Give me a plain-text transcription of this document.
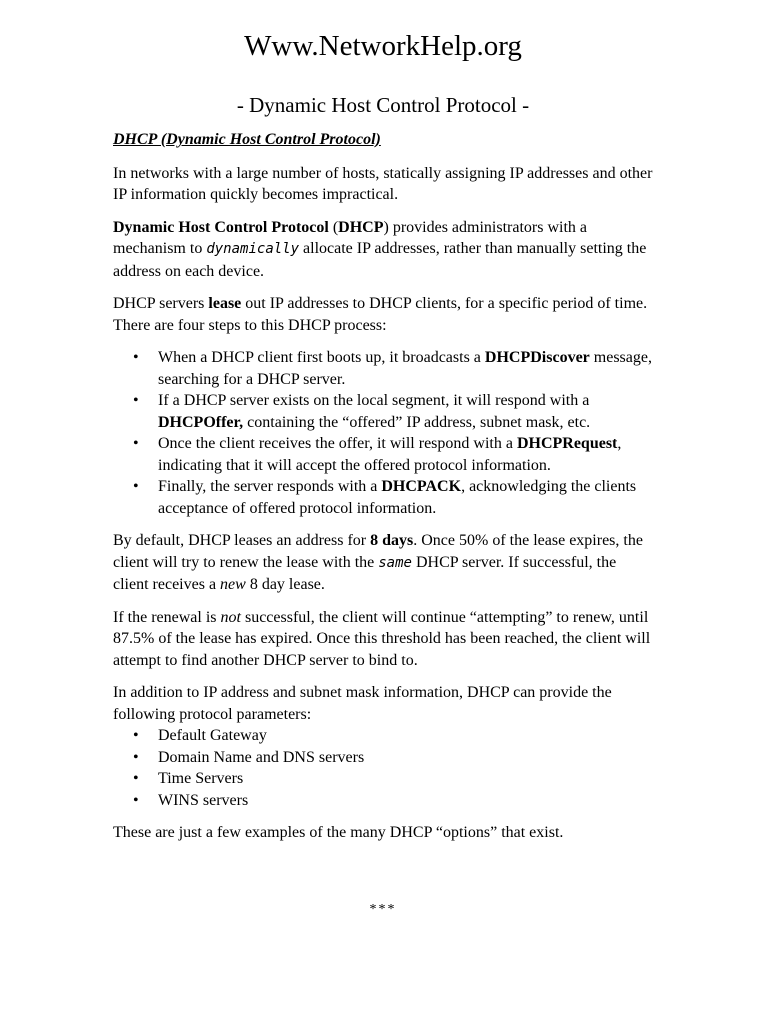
Www.NetworkHelp.org
- Dynamic Host Control Protocol -

DHCP (Dynamic Host Control Protocol)

In networks with a large number of hosts, statically assigning IP addresses and other IP information quickly becomes impractical.

Dynamic Host Control Protocol (DHCP) provides administrators with a mechanism to dynamically allocate IP addresses, rather than manually setting the address on each device.

DHCP servers lease out IP addresses to DHCP clients, for a specific period of time. There are four steps to this DHCP process:

• When a DHCP client first boots up, it broadcasts a DHCPDiscover message, searching for a DHCP server.
• If a DHCP server exists on the local segment, it will respond with a DHCPOffer, containing the “offered” IP address, subnet mask, etc.
• Once the client receives the offer, it will respond with a DHCPRequest, indicating that it will accept the offered protocol information.
• Finally, the server responds with a DHCPACK, acknowledging the clients acceptance of offered protocol information.

By default, DHCP leases an address for 8 days. Once 50% of the lease expires, the client will try to renew the lease with the same DHCP server. If successful, the client receives a new 8 day lease.

If the renewal is not successful, the client will continue “attempting” to renew, until 87.5% of the lease has expired. Once this threshold has been reached, the client will attempt to find another DHCP server to bind to.

In addition to IP address and subnet mask information, DHCP can provide the following protocol parameters:

• Default Gateway
• Domain Name and DNS servers
• Time Servers
• WINS servers

These are just a few examples of the many DHCP “options” that exist.

***
